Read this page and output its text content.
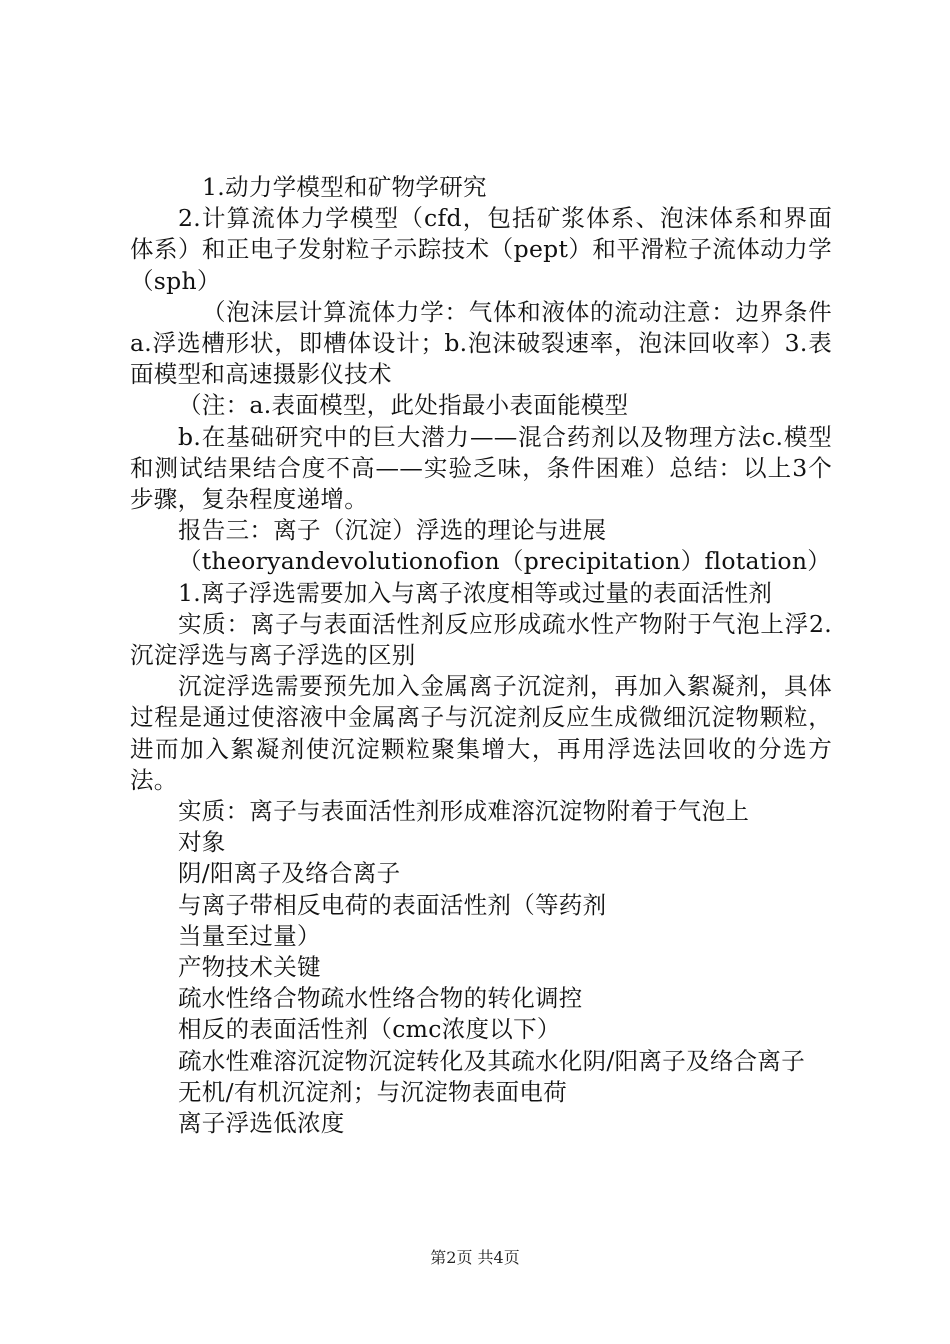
1.动力学模型和矿物学研究

2.计算流体力学模型（cfd，包括矿浆体系、泡沫体系和界面体系）和正电子发射粒子示踪技术（pept）和平滑粒子流体动力学（sph）

（泡沫层计算流体力学：气体和液体的流动注意：边界条件a.浮选槽形状，即槽体设计；b.泡沫破裂速率，泡沫回收率）3.表面模型和高速摄影仪技术

（注：a.表面模型，此处指最小表面能模型

b.在基础研究中的巨大潜力——混合药剂以及物理方法c.模型和测试结果结合度不高——实验乏味，条件困难）总结：以上3个步骤，复杂程度递增。

报告三：离子（沉淀）浮选的理论与进展

（theoryandevolutionofion（precipitation）flotation）

1.离子浮选需要加入与离子浓度相等或过量的表面活性剂

实质：离子与表面活性剂反应形成疏水性产物附于气泡上浮2.沉淀浮选与离子浮选的区别

沉淀浮选需要预先加入金属离子沉淀剂，再加入絮凝剂，具体过程是通过使溶液中金属离子与沉淀剂反应生成微细沉淀物颗粒，进而加入絮凝剂使沉淀颗粒聚集增大，再用浮选法回收的分选方法。

实质：离子与表面活性剂形成难溶沉淀物附着于气泡上

对象

阴/阳离子及络合离子

与离子带相反电荷的表面活性剂（等药剂

当量至过量）

产物技术关键

疏水性络合物疏水性络合物的转化调控

相反的表面活性剂（cmc浓度以下）

疏水性难溶沉淀物沉淀转化及其疏水化阴/阳离子及络合离子

无机/有机沉淀剂；与沉淀物表面电荷

离子浮选低浓度

第2页 共4页
